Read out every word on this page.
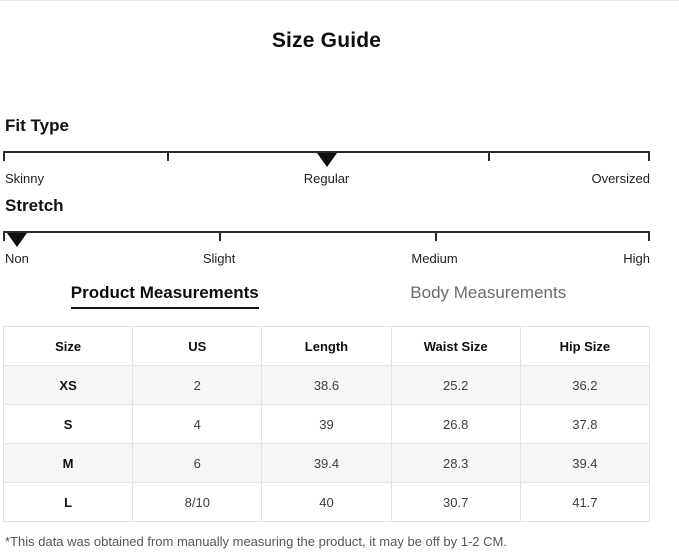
Size Guide
Fit Type
Skinny	Regular	Oversized
Stretch
Non	Slight	Medium	High
Product Measurements	Body Measurements
Size	US	Length	Waist Size	Hip Size
XS	2	38.6	25.2	36.2
S	4	39	26.8	37.8
M	6	39.4	28.3	39.4
L	8/10	40	30.7	41.7
*This data was obtained from manually measuring the product, it may be off by 1-2 CM.
